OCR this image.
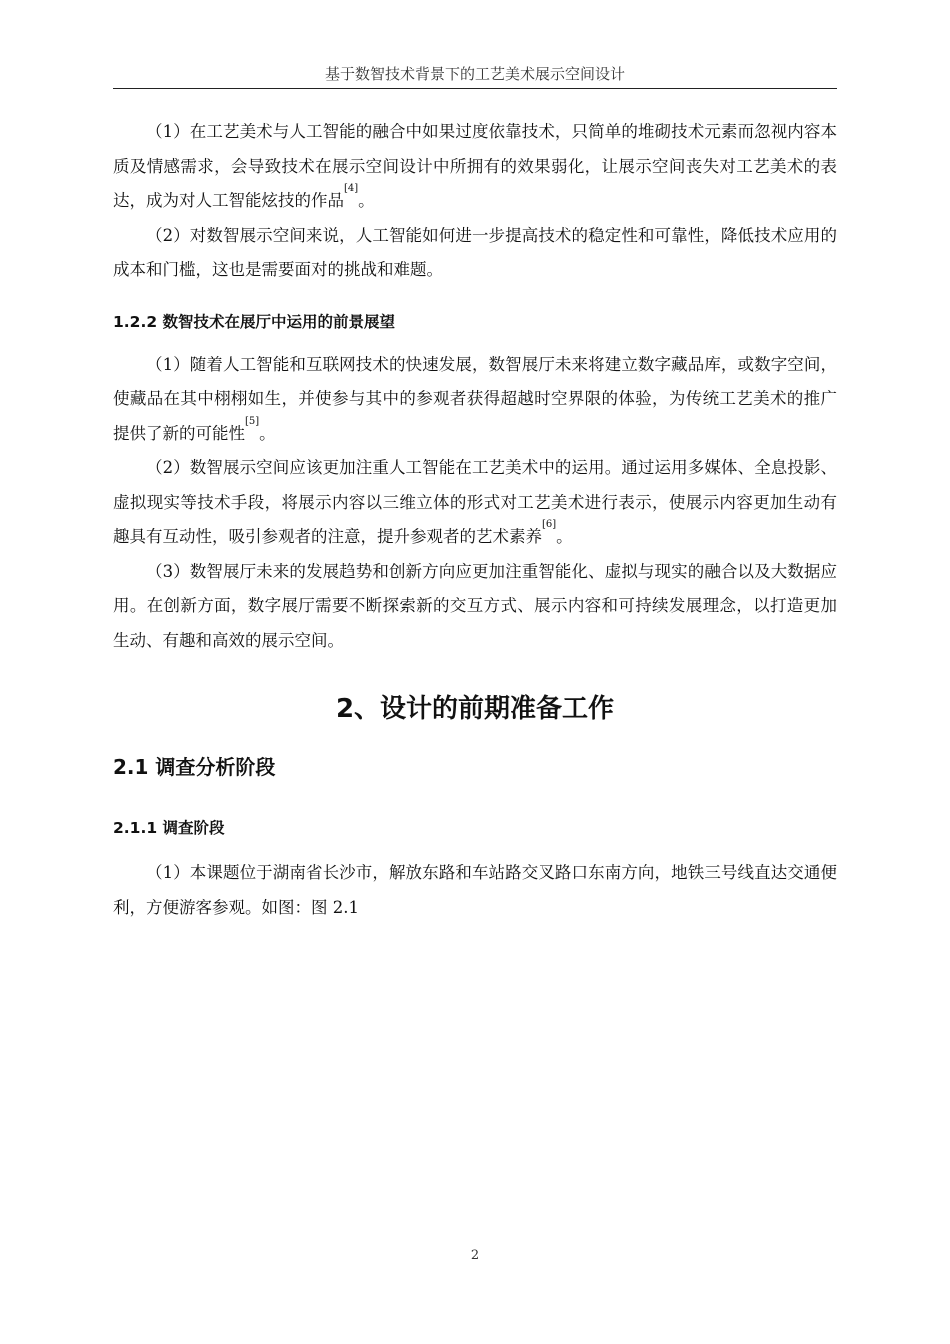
基于数智技术背景下的工艺美术展示空间设计

（1）在工艺美术与人工智能的融合中如果过度依靠技术，只简单的堆砌技术元素而忽视内容本质及情感需求，会导致技术在展示空间设计中所拥有的效果弱化，让展示空间丧失对工艺美术的表达，成为对人工智能炫技的作品[4]。

（2）对数智展示空间来说，人工智能如何进一步提高技术的稳定性和可靠性，降低技术应用的成本和门槛，这也是需要面对的挑战和难题。

1.2.2 数智技术在展厅中运用的前景展望

（1）随着人工智能和互联网技术的快速发展，数智展厅未来将建立数字藏品库，或数字空间，使藏品在其中栩栩如生，并使参与其中的参观者获得超越时空界限的体验，为传统工艺美术的推广提供了新的可能性[5]。

（2）数智展示空间应该更加注重人工智能在工艺美术中的运用。通过运用多媒体、全息投影、虚拟现实等技术手段，将展示内容以三维立体的形式对工艺美术进行表示，使展示内容更加生动有趣具有互动性，吸引参观者的注意，提升参观者的艺术素养[6]。

（3）数智展厅未来的发展趋势和创新方向应更加注重智能化、虚拟与现实的融合以及大数据应用。在创新方面，数字展厅需要不断探索新的交互方式、展示内容和可持续发展理念，以打造更加生动、有趣和高效的展示空间。

2、设计的前期准备工作
2.1 调查分析阶段
2.1.1 调查阶段

（1）本课题位于湖南省长沙市，解放东路和车站路交叉路口东南方向，地铁三号线直达交通便利，方便游客参观。如图：图 2.1

2
